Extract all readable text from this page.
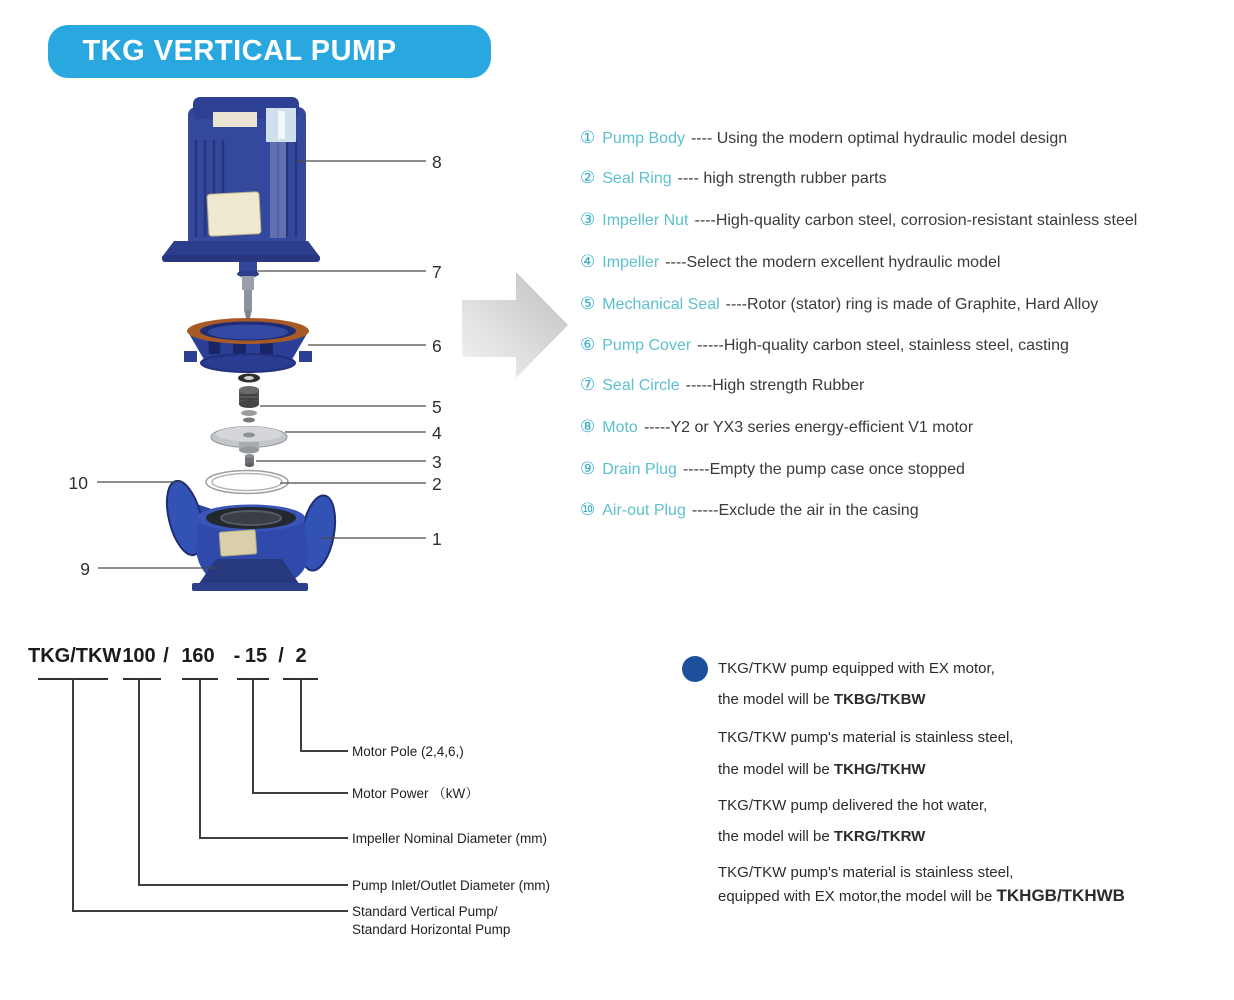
TKG VERTICAL PUMP
8
7
6
5
4
3
2
1
10
9
① Pump Body ---- Using the modern optimal hydraulic model design
② Seal Ring ---- high strength rubber parts
③ Impeller Nut ----High-quality carbon steel, corrosion-resistant stainless steel
④ Impeller ----Select the modern excellent hydraulic model
⑤ Mechanical Seal ----Rotor (stator) ring is made of Graphite, Hard Alloy
⑥ Pump Cover -----High-quality carbon steel, stainless steel, casting
⑦ Seal Circle -----High strength Rubber
⑧ Moto -----Y2 or YX3 series energy-efficient V1 motor
⑨ Drain Plug -----Empty the pump case once stopped
⑩ Air-out Plug -----Exclude the air in the casing
TKG/TKW 100 / 160 - 15 / 2
Motor Pole (2,4,6,)
Motor Power （kW）
Impeller Nominal Diameter (mm)
Pump Inlet/Outlet Diameter (mm)
Standard Vertical Pump/
Standard Horizontal Pump
TKG/TKW pump equipped with EX motor,
the model will be TKBG/TKBW
TKG/TKW pump's material is stainless steel,
the model will be TKHG/TKHW
TKG/TKW pump delivered the hot water,
the model will be TKRG/TKRW
TKG/TKW pump's material is stainless steel,
equipped with EX motor,the model will be TKHGB/TKHWB
